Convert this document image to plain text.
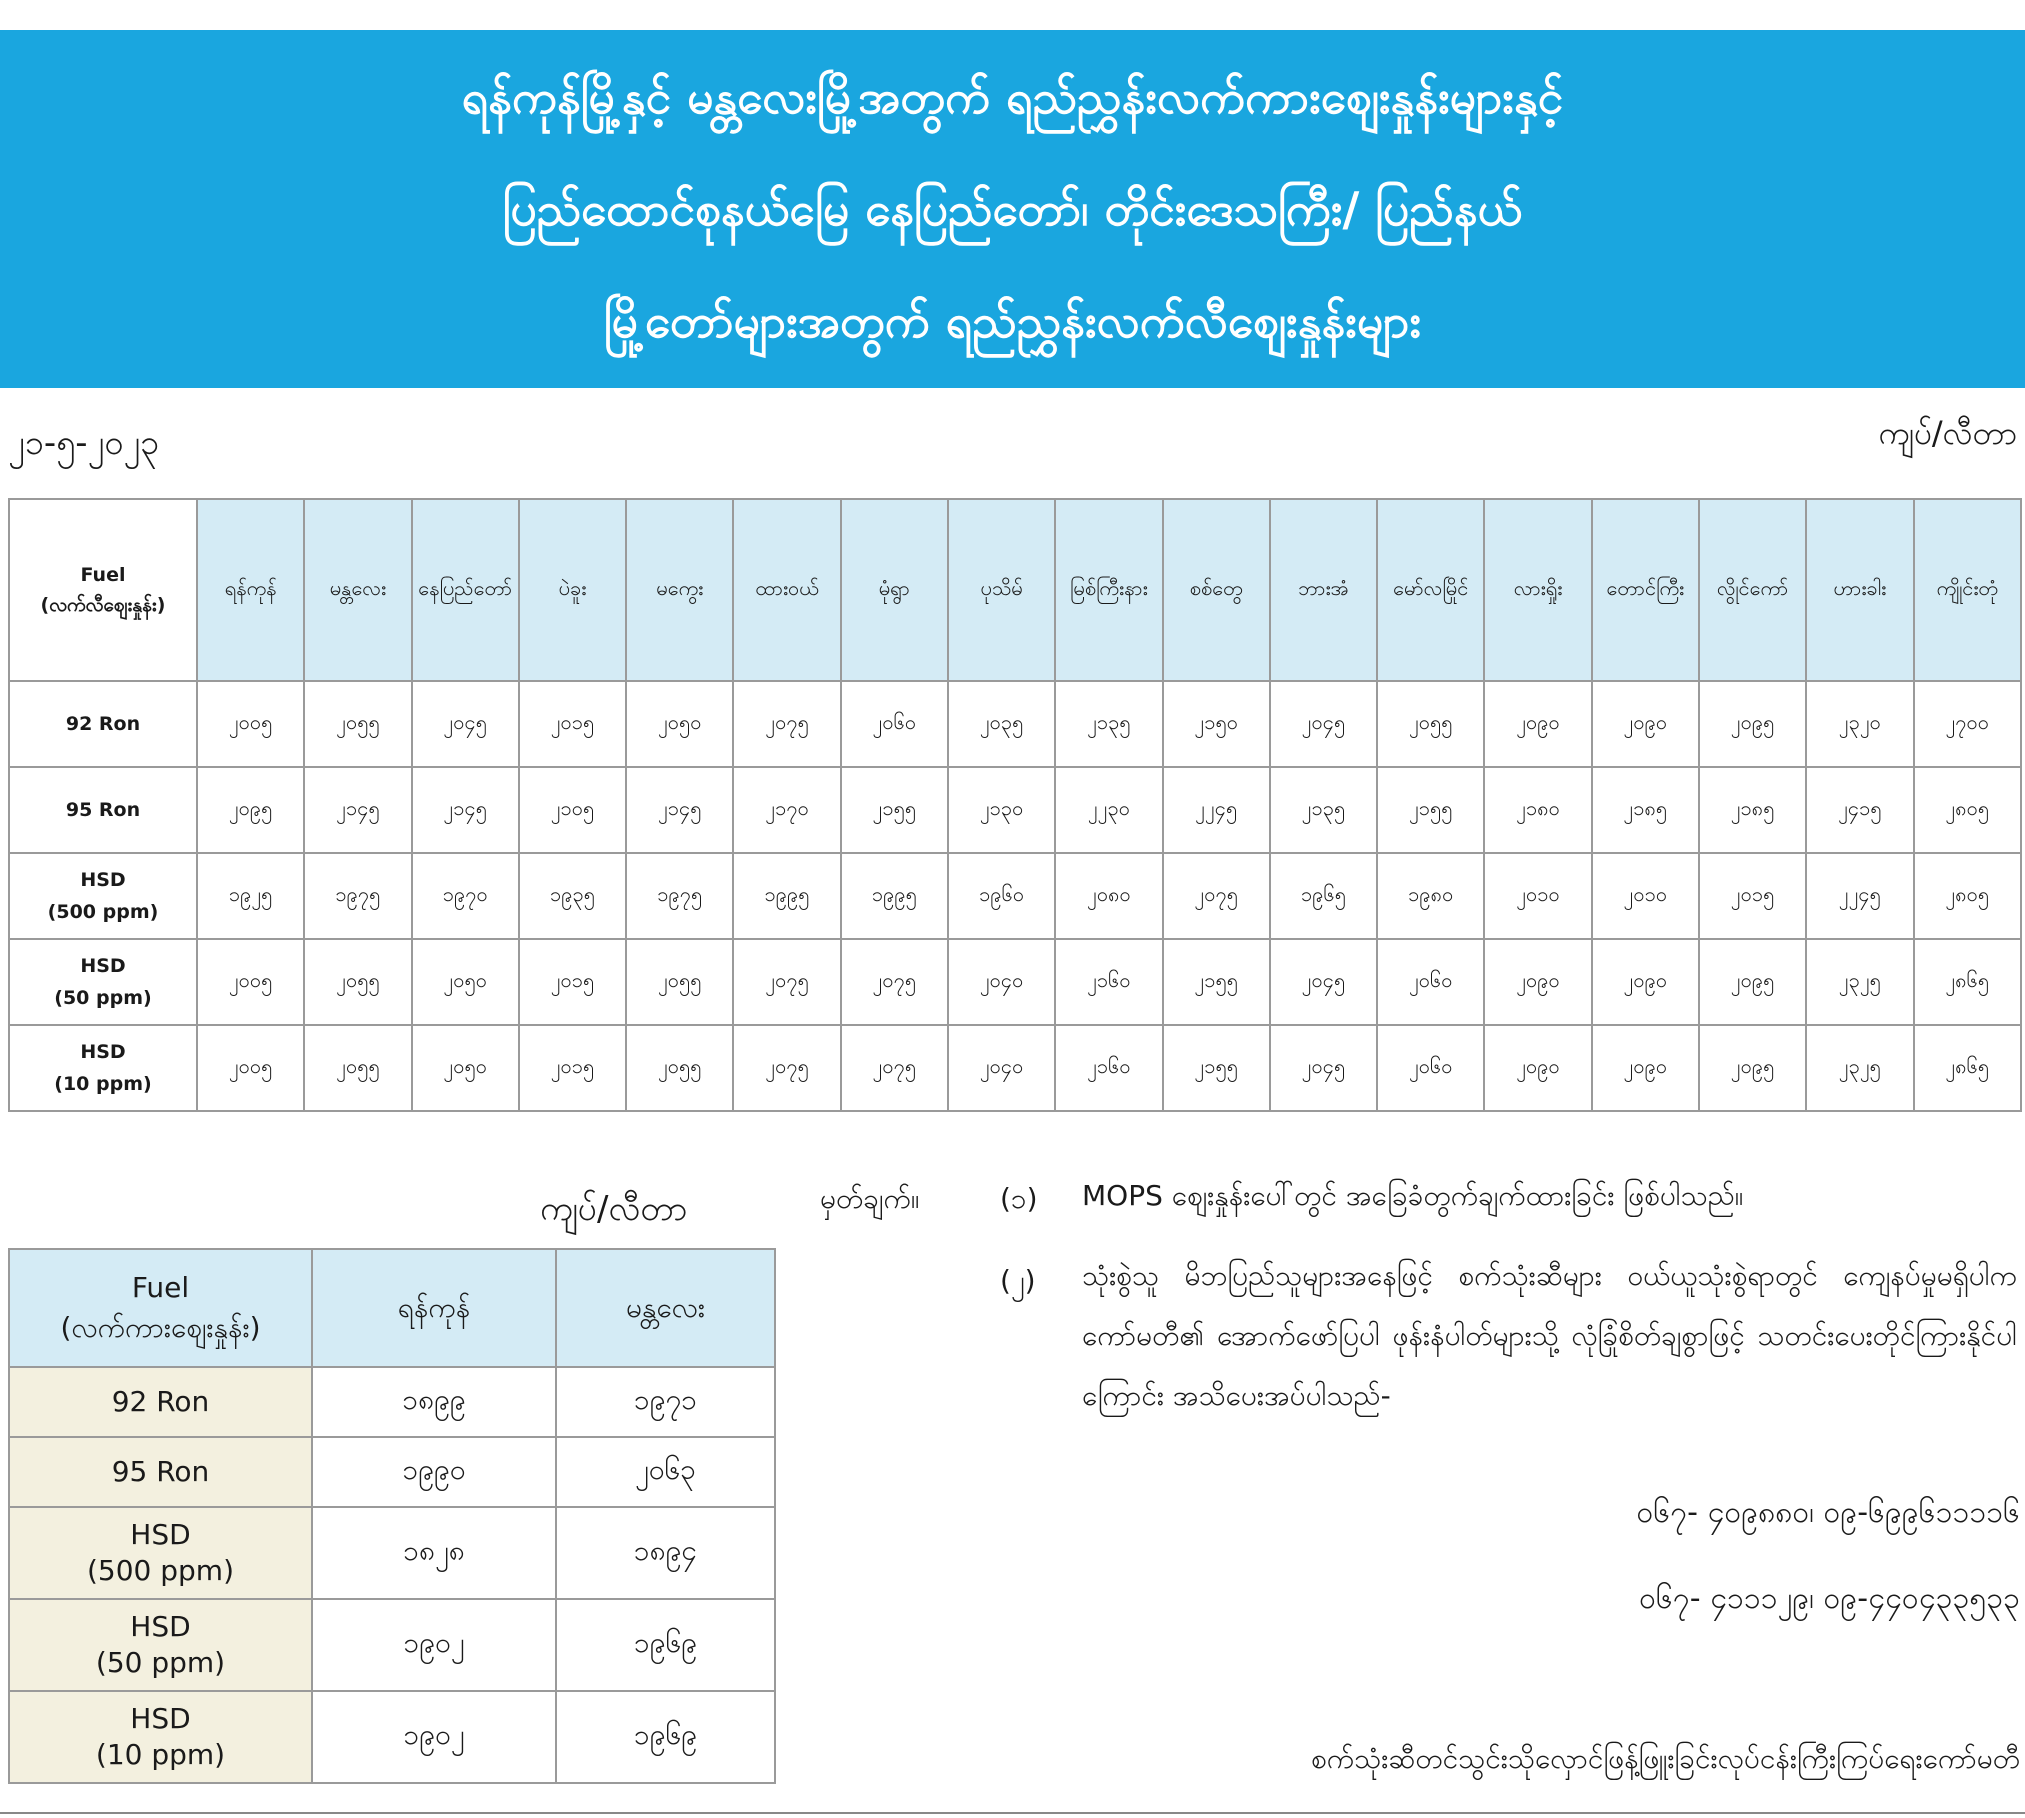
ရန်ကုန်မြို့နှင့် မန္တလေးမြို့အတွက် ရည်ညွှန်းလက်ကားစျေးနှုန်းများနှင့်
ပြည်ထောင်စုနယ်မြေ နေပြည်တော်၊ တိုင်းဒေသကြီး/ ပြည်နယ်
မြို့တော်များအတွက် ရည်ညွှန်းလက်လီစျေးနှုန်းများ
၂၁-၅-၂၀၂၃	ကျပ်/လီတာ
Fuel
(လက်လီစျေးနှုန်း)	ရန်ကုန်	မန္တလေး	နေပြည်တော်	ပဲခူး	မကွေး	ထားဝယ်	မုံရွာ	ပုသိမ်	မြစ်ကြီးနား	စစ်တွေ	ဘားအံ	မော်လမြိုင်	လားရှိုး	တောင်ကြီး	လွိုင်ကော်	ဟားခါး	ကျိုင်းတုံ

92 Ron	၂၀၀၅	၂၀၅၅	၂၀၄၅	၂၀၁၅	၂၀၅၀	၂၀၇၅	၂၀၆၀	၂၀၃၅	၂၁၃၅	၂၁၅၀	၂၀၄၅	၂၀၅၅	၂၀၉၀	၂၀၉၀	၂၀၉၅	၂၃၂၀	၂၇၀၀

95 Ron	၂၀၉၅	၂၁၄၅	၂၁၄၅	၂၁၀၅	၂၁၄၅	၂၁၇၀	၂၁၅၅	၂၁၃၀	၂၂၃၀	၂၂၄၅	၂၁၃၅	၂၁၅၅	၂၁၈၀	၂၁၈၅	၂၁၈၅	၂၄၁၅	၂၈၀၅

HSD
(500 ppm)	၁၉၂၅	၁၉၇၅	၁၉၇၀	၁၉၃၅	၁၉၇၅	၁၉၉၅	၁၉၉၅	၁၉၆၀	၂၀၈၀	၂၀၇၅	၁၉၆၅	၁၉၈၀	၂၀၁၀	၂၀၁၀	၂၀၁၅	၂၂၄၅	၂၈၀၅

HSD
(50 ppm)	၂၀၀၅	၂၀၅၅	၂၀၅၀	၂၀၁၅	၂၀၅၅	၂၀၇၅	၂၀၇၅	၂၀၄၀	၂၁၆၀	၂၁၅၅	၂၀၄၅	၂၀၆၀	၂၀၉၀	၂၀၉၀	၂၀၉၅	၂၃၂၅	၂၈၆၅

HSD
(10 ppm)	၂၀၀၅	၂၀၅၅	၂၀၅၀	၂၀၁၅	၂၀၅၅	၂၀၇၅	၂၀၇၅	၂၀၄၀	၂၁၆၀	၂၁၅၅	၂၀၄၅	၂၀၆၀	၂၀၉၀	၂၀၉၀	၂၀၉၅	၂၃၂၅	၂၈၆၅
ကျပ်/လီတာ
Fuel
(လက်ကားစျေးနှုန်း)	ရန်ကုန်	မန္တလေး

92 Ron	၁၈၉၉	၁၉၇၁

95 Ron	၁၉၉၀	၂၀၆၃

HSD
(500 ppm)	၁၈၂၈	၁၈၉၄

HSD
(50 ppm)	၁၉၀၂	၁၉၆၉

HSD
(10 ppm)	၁၉၀၂	၁၉၆၉
မှတ်ချက်။	(၁) MOPS စျေးနှုန်းပေါ်တွင် အခြေခံတွက်ချက်ထားခြင်း ဖြစ်ပါသည်။
(၂) သုံးစွဲသူ မိဘပြည်သူများအနေဖြင့် စက်သုံးဆီများ ဝယ်ယူသုံးစွဲရာတွင် ကျေနပ်မှုမရှိပါက ကော်မတီ၏ အောက်ဖော်ပြပါ ဖုန်းနံပါတ်များသို့ လုံခြုံစိတ်ချစွာဖြင့် သတင်းပေးတိုင်ကြားနိုင်ပါကြောင်း အသိပေးအပ်ပါသည်-
၀၆၇- ၄၀၉၈၈၀၊ ၀၉-၆၉၉၆၁၁၁၁၆
၀၆၇- ၄၁၁၁၂၉၊ ၀၉-၄၄၀၄၃၃၅၃၃
စက်သုံးဆီတင်သွင်းသိုလှောင်ဖြန့်ဖြူးခြင်းလုပ်ငန်းကြီးကြပ်ရေးကော်မတီ
